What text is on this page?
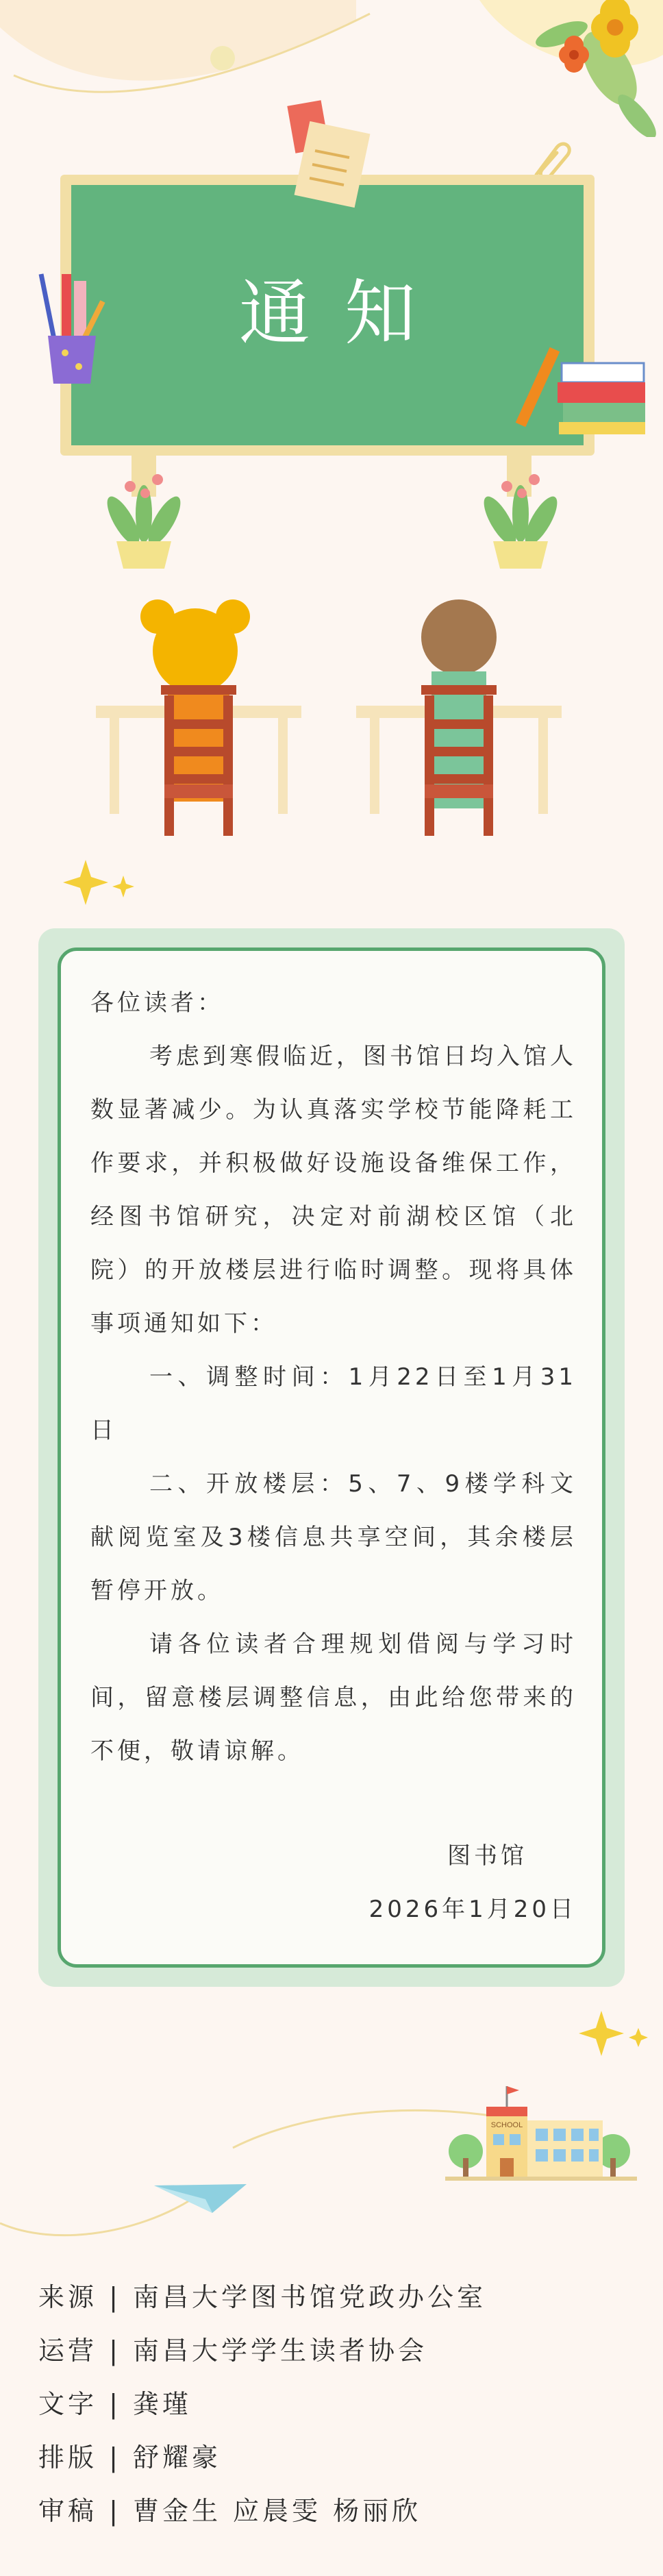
通知
各位读者：

考虑到寒假临近，图书馆日均入馆人数显著减少。为认真落实学校节能降耗工作要求，并积极做好设施设备维保工作，经图书馆研究，决定对前湖校区馆（北院）的开放楼层进行临时调整。现将具体事项通知如下：

一、调整时间：1月22日至1月31日

二、开放楼层：5、7、9楼学科文献阅览室及3楼信息共享空间，其余楼层暂停开放。

请各位读者合理规划借阅与学习时间，留意楼层调整信息，由此给您带来的不便，敬请谅解。

图书馆
2026年1月20日
SCHOOL
来源 | 南昌大学图书馆党政办公室
运营 | 南昌大学学生读者协会
文字 | 龚瑾
排版 | 舒耀豪
审稿 | 曹金生 应晨雯 杨丽欣
